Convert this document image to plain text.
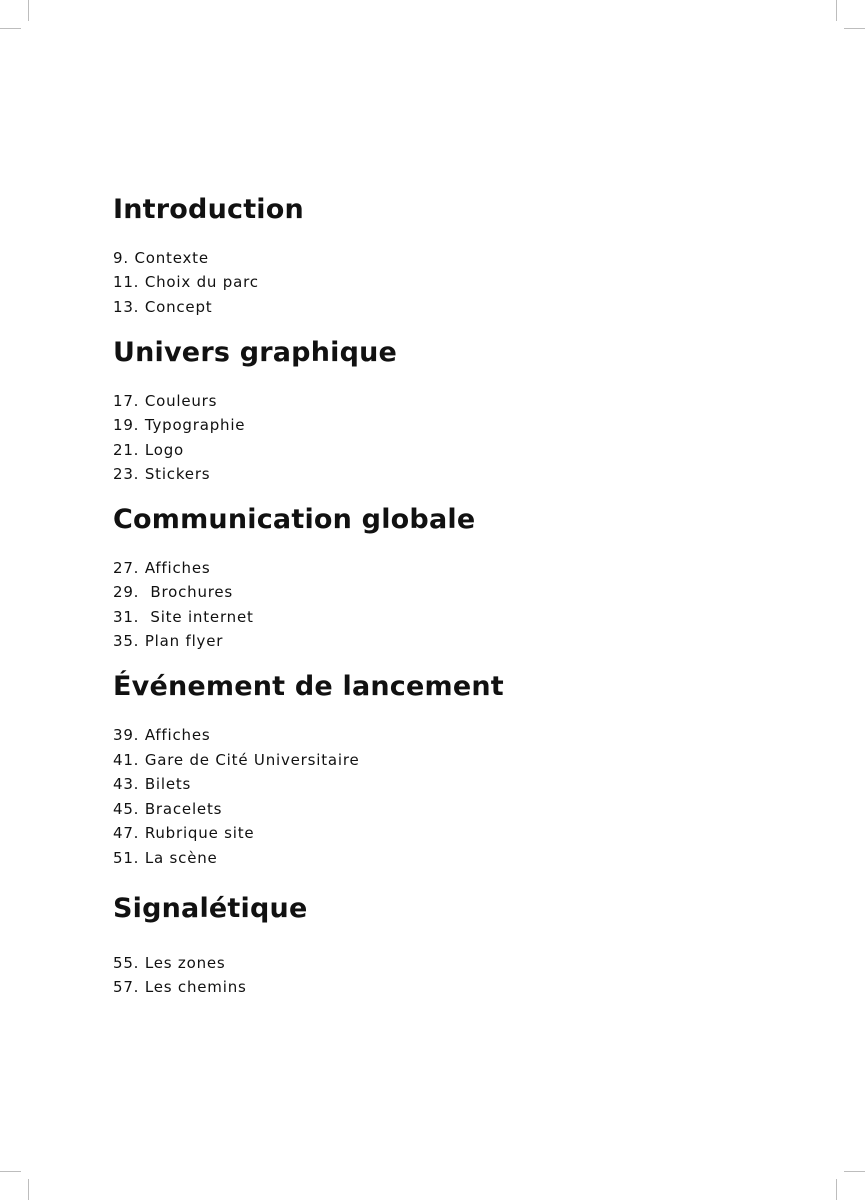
Introduction
9. Contexte
11. Choix du parc
13. Concept
Univers graphique
17. Couleurs
19. Typographie
21. Logo
23. Stickers
Communication globale
27. Affiches
29.  Brochures
31.  Site internet
35. Plan flyer
Événement de lancement
39. Affiches
41. Gare de Cité Universitaire
43. Bilets
45. Bracelets
47. Rubrique site
51. La scène
Signalétique
55. Les zones
57. Les chemins
